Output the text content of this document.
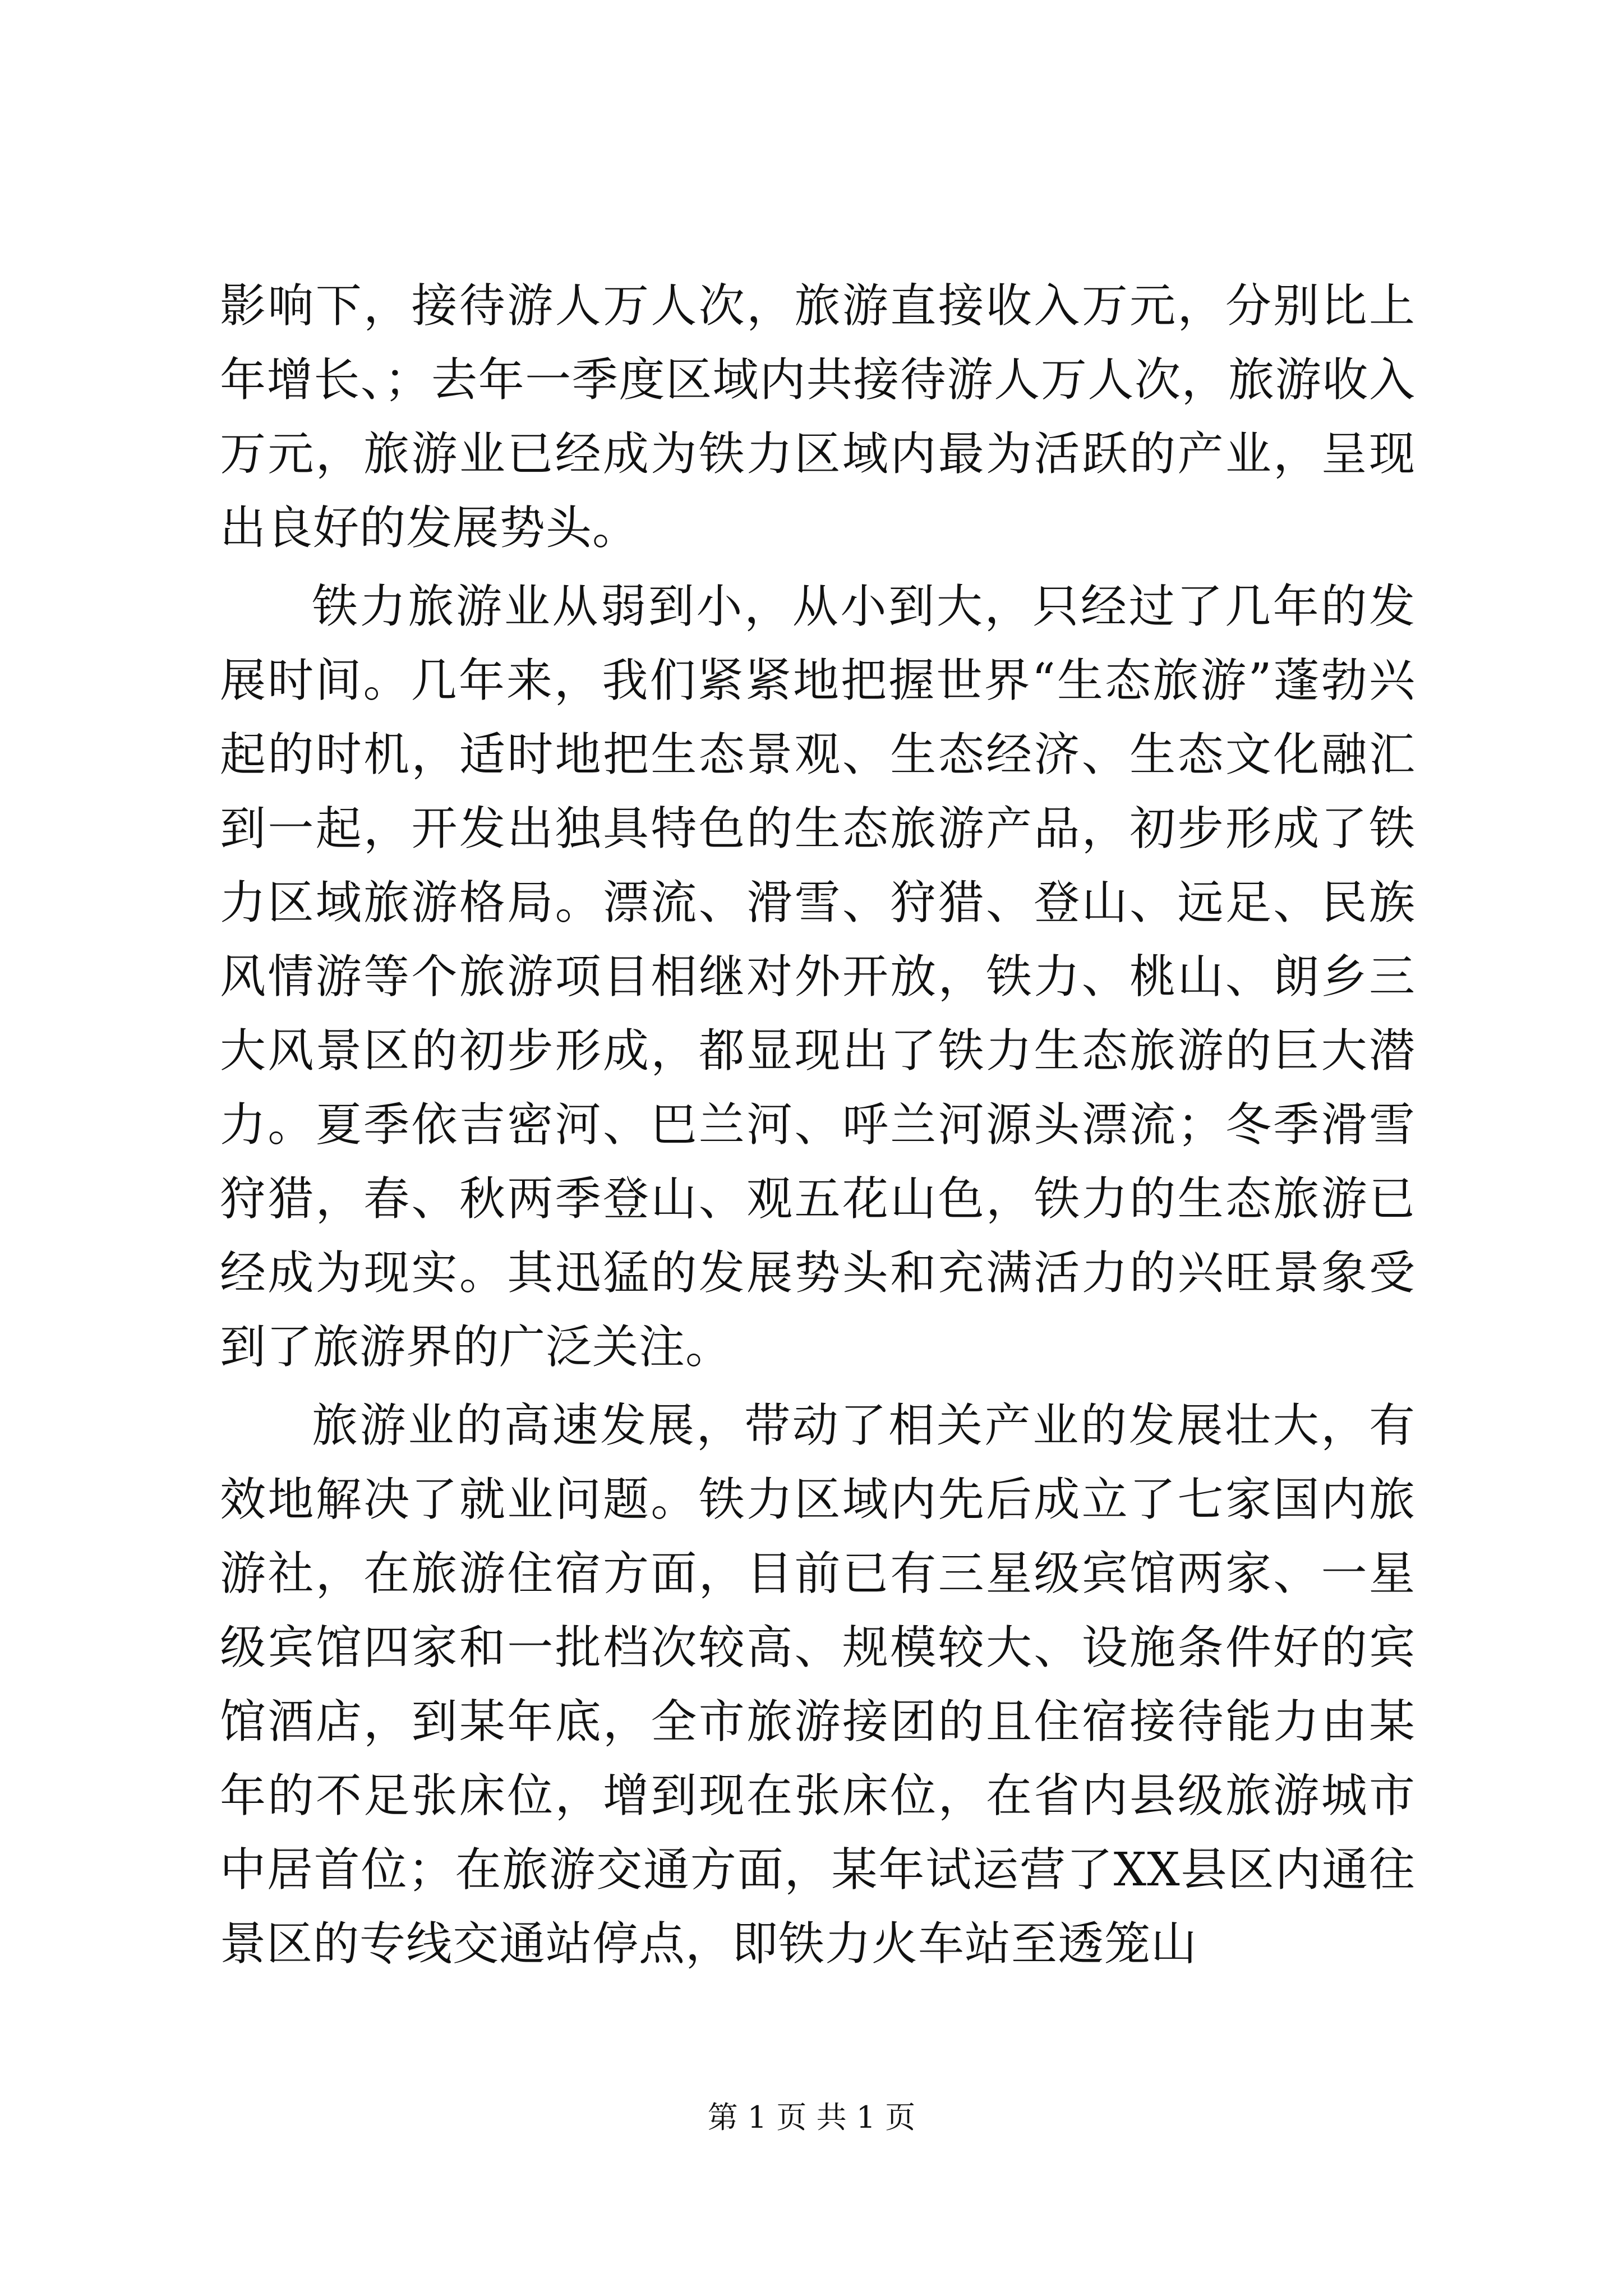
影响下，接待游人万人次，旅游直接收入万元，分别比上年增长、；去年一季度区域内共接待游人万人次，旅游收入万元，旅游业已经成为铁力区域内最为活跃的产业，呈现出良好的发展势头。

铁力旅游业从弱到小，从小到大，只经过了几年的发展时间。几年来，我们紧紧地把握世界“生态旅游”蓬勃兴起的时机，适时地把生态景观、生态经济、生态文化融汇到一起，开发出独具特色的生态旅游产品，初步形成了铁力区域旅游格局。漂流、滑雪、狩猎、登山、远足、民族风情游等个旅游项目相继对外开放，铁力、桃山、朗乡三大风景区的初步形成，都显现出了铁力生态旅游的巨大潜力。夏季依吉密河、巴兰河、呼兰河源头漂流；冬季滑雪狩猎，春、秋两季登山、观五花山色，铁力的生态旅游已经成为现实。其迅猛的发展势头和充满活力的兴旺景象受到了旅游界的广泛关注。

旅游业的高速发展，带动了相关产业的发展壮大，有效地解决了就业问题。铁力区域内先后成立了七家国内旅游社，在旅游住宿方面，目前已有三星级宾馆两家、一星级宾馆四家和一批档次较高、规模较大、设施条件好的宾馆酒店，到某年底，全市旅游接团的且住宿接待能力由某年的不足张床位，增到现在张床位，在省内县级旅游城市中居首位；在旅游交通方面，某年试运营了XX县区内通往景区的专线交通站停点，即铁力火车站至透笼山

第 1 页 共 1 页
